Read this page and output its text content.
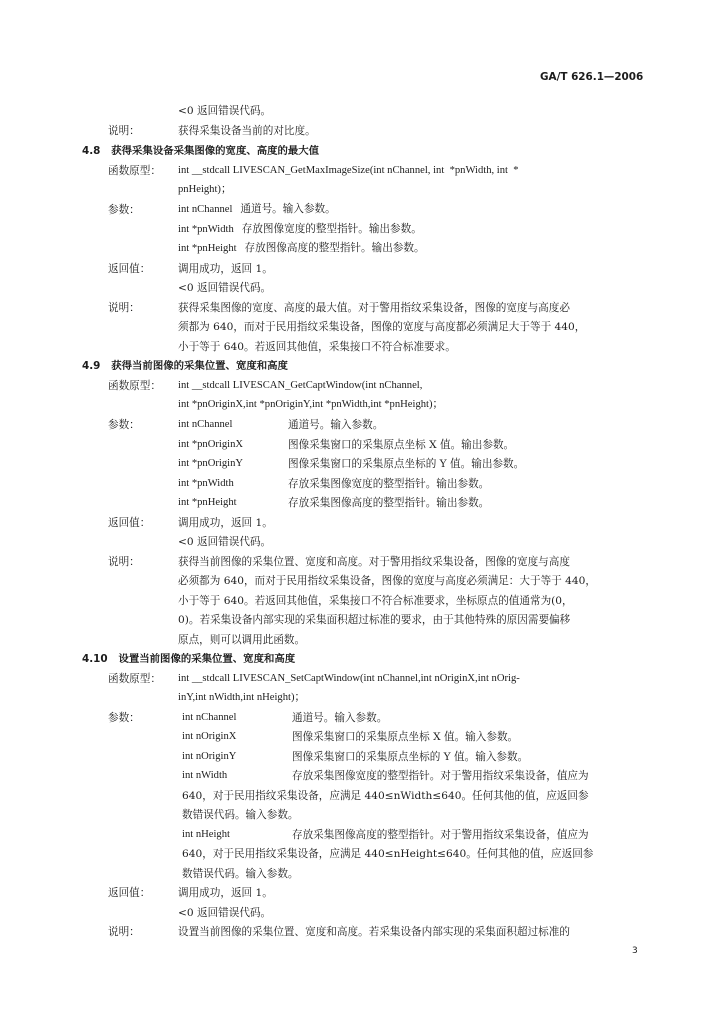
GA/T 626.1—2006
<0 返回错误代码。
说明：	获得采集设备当前的对比度。
4.8   获得采集设备采集图像的宽度、高度的最大值
函数原型： int __stdcall LIVESCAN_GetMaxImageSize(int nChannel, int  *pnWidth, int  *
pnHeight)；
参数：	int nChannel   通道号。输入参数。
int *pnWidth   存放图像宽度的整型指针。输出参数。
int *pnHeight   存放图像高度的整型指针。输出参数。
返回值：	调用成功，返回 1。
<0 返回错误代码。
说明：	获得采集图像的宽度、高度的最大值。对于警用指纹采集设备，图像的宽度与高度必
须都为 640，而对于民用指纹采集设备，图像的宽度与高度都必须满足大于等于 440，
小于等于 640。若返回其他值，采集接口不符合标准要求。
4.9   获得当前图像的采集位置、宽度和高度
函数原型： int __stdcall LIVESCAN_GetCaptWindow(int nChannel,
int *pnOriginX,int *pnOriginY,int *pnWidth,int *pnHeight)；
参数：	int nChannel	通道号。输入参数。
int *pnOriginX	图像采集窗口的采集原点坐标 X 值。输出参数。
int *pnOriginY	图像采集窗口的采集原点坐标的 Y 值。输出参数。
int *pnWidth	存放采集图像宽度的整型指针。输出参数。
int *pnHeight	存放采集图像高度的整型指针。输出参数。
返回值：	调用成功，返回 1。
<0 返回错误代码。
说明：	获得当前图像的采集位置、宽度和高度。对于警用指纹采集设备，图像的宽度与高度
必须都为 640，而对于民用指纹采集设备，图像的宽度与高度必须满足：大于等于 440，
小于等于 640。若返回其他值，采集接口不符合标准要求，坐标原点的值通常为(0，
0)。若采集设备内部实现的采集面积超过标准的要求，由于其他特殊的原因需要偏移
原点，则可以调用此函数。
4.10   设置当前图像的采集位置、宽度和高度
函数原型： int __stdcall LIVESCAN_SetCaptWindow(int nChannel,int nOriginX,int nOrig-
inY,int nWidth,int nHeight)；
参数：	int nChannel	通道号。输入参数。
int nOriginX	图像采集窗口的采集原点坐标 X 值。输入参数。
int nOriginY	图像采集窗口的采集原点坐标的 Y 值。输入参数。
int nWidth	存放采集图像宽度的整型指针。对于警用指纹采集设备，值应为
640，对于民用指纹采集设备，应满足 440≤nWidth≤640。任何其他的值，应返回参
数错误代码。输入参数。
int nHeight	存放采集图像高度的整型指针。对于警用指纹采集设备，值应为
640，对于民用指纹采集设备，应满足 440≤nHeight≤640。任何其他的值，应返回参
数错误代码。输入参数。
返回值：	调用成功，返回 1。
<0 返回错误代码。
说明：	设置当前图像的采集位置、宽度和高度。若采集设备内部实现的采集面积超过标准的
3
